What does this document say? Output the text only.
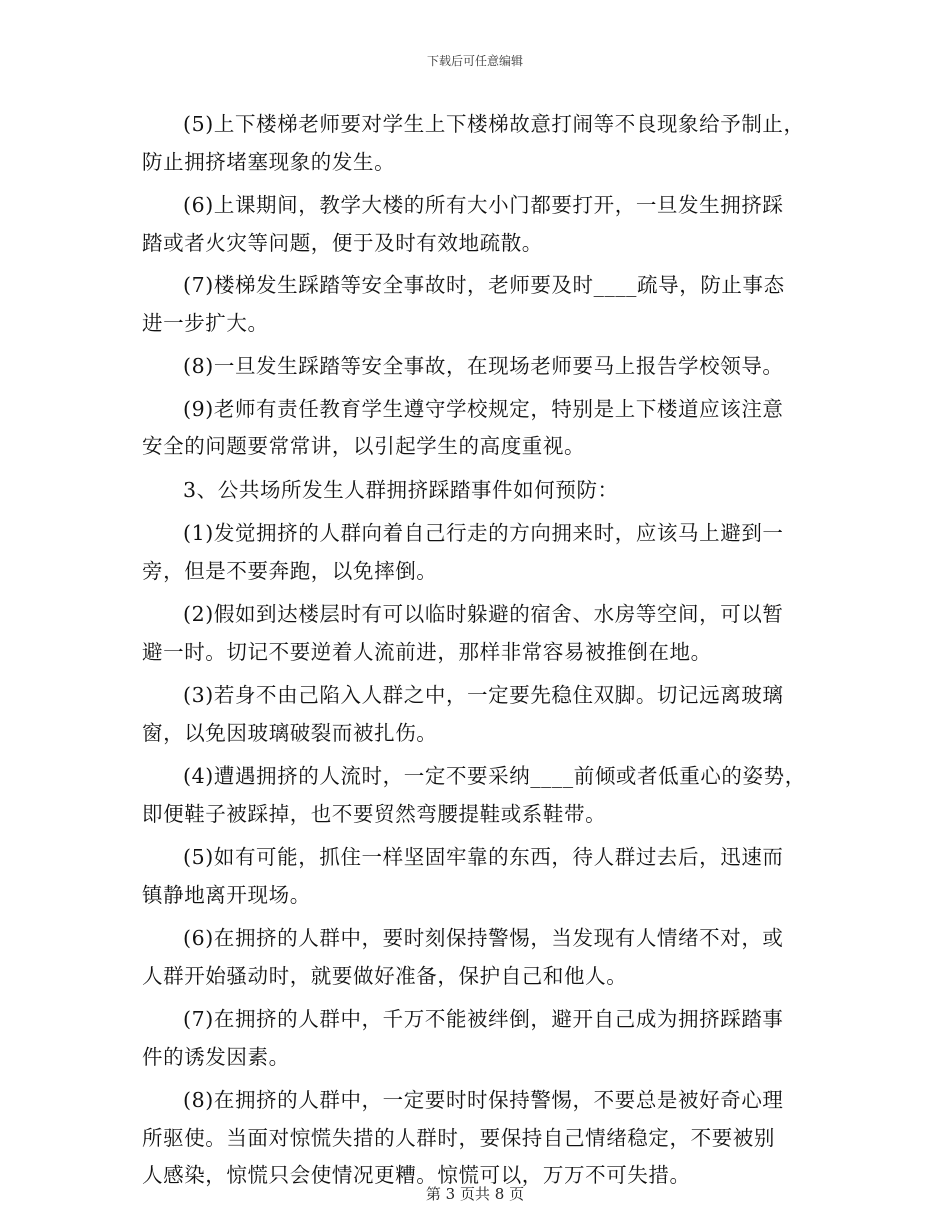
下载后可任意编辑

(5)上下楼梯老师要对学生上下楼梯故意打闹等不良现象给予制止，

防止拥挤堵塞现象的发生。

(6)上课期间，教学大楼的所有大小门都要打开，一旦发生拥挤踩

踏或者火灾等问题，便于及时有效地疏散。

(7)楼梯发生踩踏等安全事故时，老师要及时____疏导，防止事态

进一步扩大。

(8)一旦发生踩踏等安全事故，在现场老师要马上报告学校领导。

(9)老师有责任教育学生遵守学校规定，特别是上下楼道应该注意

安全的问题要常常讲，以引起学生的高度重视。

3、公共场所发生人群拥挤踩踏事件如何预防：

(1)发觉拥挤的人群向着自己行走的方向拥来时，应该马上避到一

旁，但是不要奔跑，以免摔倒。

(2)假如到达楼层时有可以临时躲避的宿舍、水房等空间，可以暂

避一时。切记不要逆着人流前进，那样非常容易被推倒在地。

(3)若身不由己陷入人群之中，一定要先稳住双脚。切记远离玻璃

窗，以免因玻璃破裂而被扎伤。

(4)遭遇拥挤的人流时，一定不要采纳____前倾或者低重心的姿势，

即便鞋子被踩掉，也不要贸然弯腰提鞋或系鞋带。

(5)如有可能，抓住一样坚固牢靠的东西，待人群过去后，迅速而

镇静地离开现场。

(6)在拥挤的人群中，要时刻保持警惕，当发现有人情绪不对，或

人群开始骚动时，就要做好准备，保护自己和他人。

(7)在拥挤的人群中，千万不能被绊倒，避开自己成为拥挤踩踏事

件的诱发因素。

(8)在拥挤的人群中，一定要时时保持警惕，不要总是被好奇心理

所驱使。当面对惊慌失措的人群时，要保持自己情绪稳定，不要被别

人感染，惊慌只会使情况更糟。惊慌可以，万万不可失措。

第 3 页共 8 页
